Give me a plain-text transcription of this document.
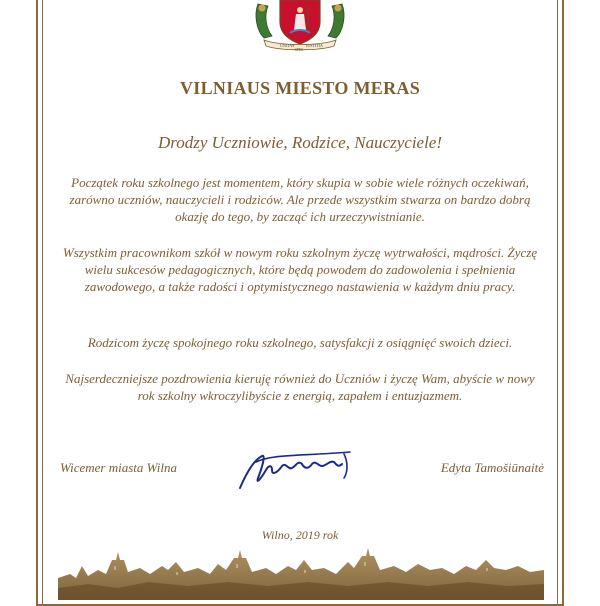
UNITAS	IUSTITIA
SPES
VILNIAUS MIESTO MERAS
Drodzy Uczniowie, Rodzice, Nauczyciele!
Początek roku szkolnego jest momentem, który skupia w sobie wiele różnych oczekiwań, zarówno uczniów, nauczycieli i rodziców. Ale przede wszystkim stwarza on bardzo dobrą okazję do tego, by zacząć ich urzeczywistnianie.
Wszystkim pracownikom szkół w nowym roku szkolnym życzę wytrwałości, mądrości. Życzę wielu sukcesów pedagogicznych, które będą powodem do zadowolenia i spełnienia zawodowego, a także radości i optymistycznego nastawienia w każdym dniu pracy.
Rodzicom życzę spokojnego roku szkolnego, satysfakcji z osiągnięć swoich dzieci.
Najserdeczniejsze pozdrowienia kieruję również do Uczniów i życzę Wam, abyście w nowy rok szkolny wkroczylibyście z energią, zapałem i entuzjazmem.
Wicemer miasta Wilna	Edyta Tamošiūnaitė
Wilno, 2019 rok
